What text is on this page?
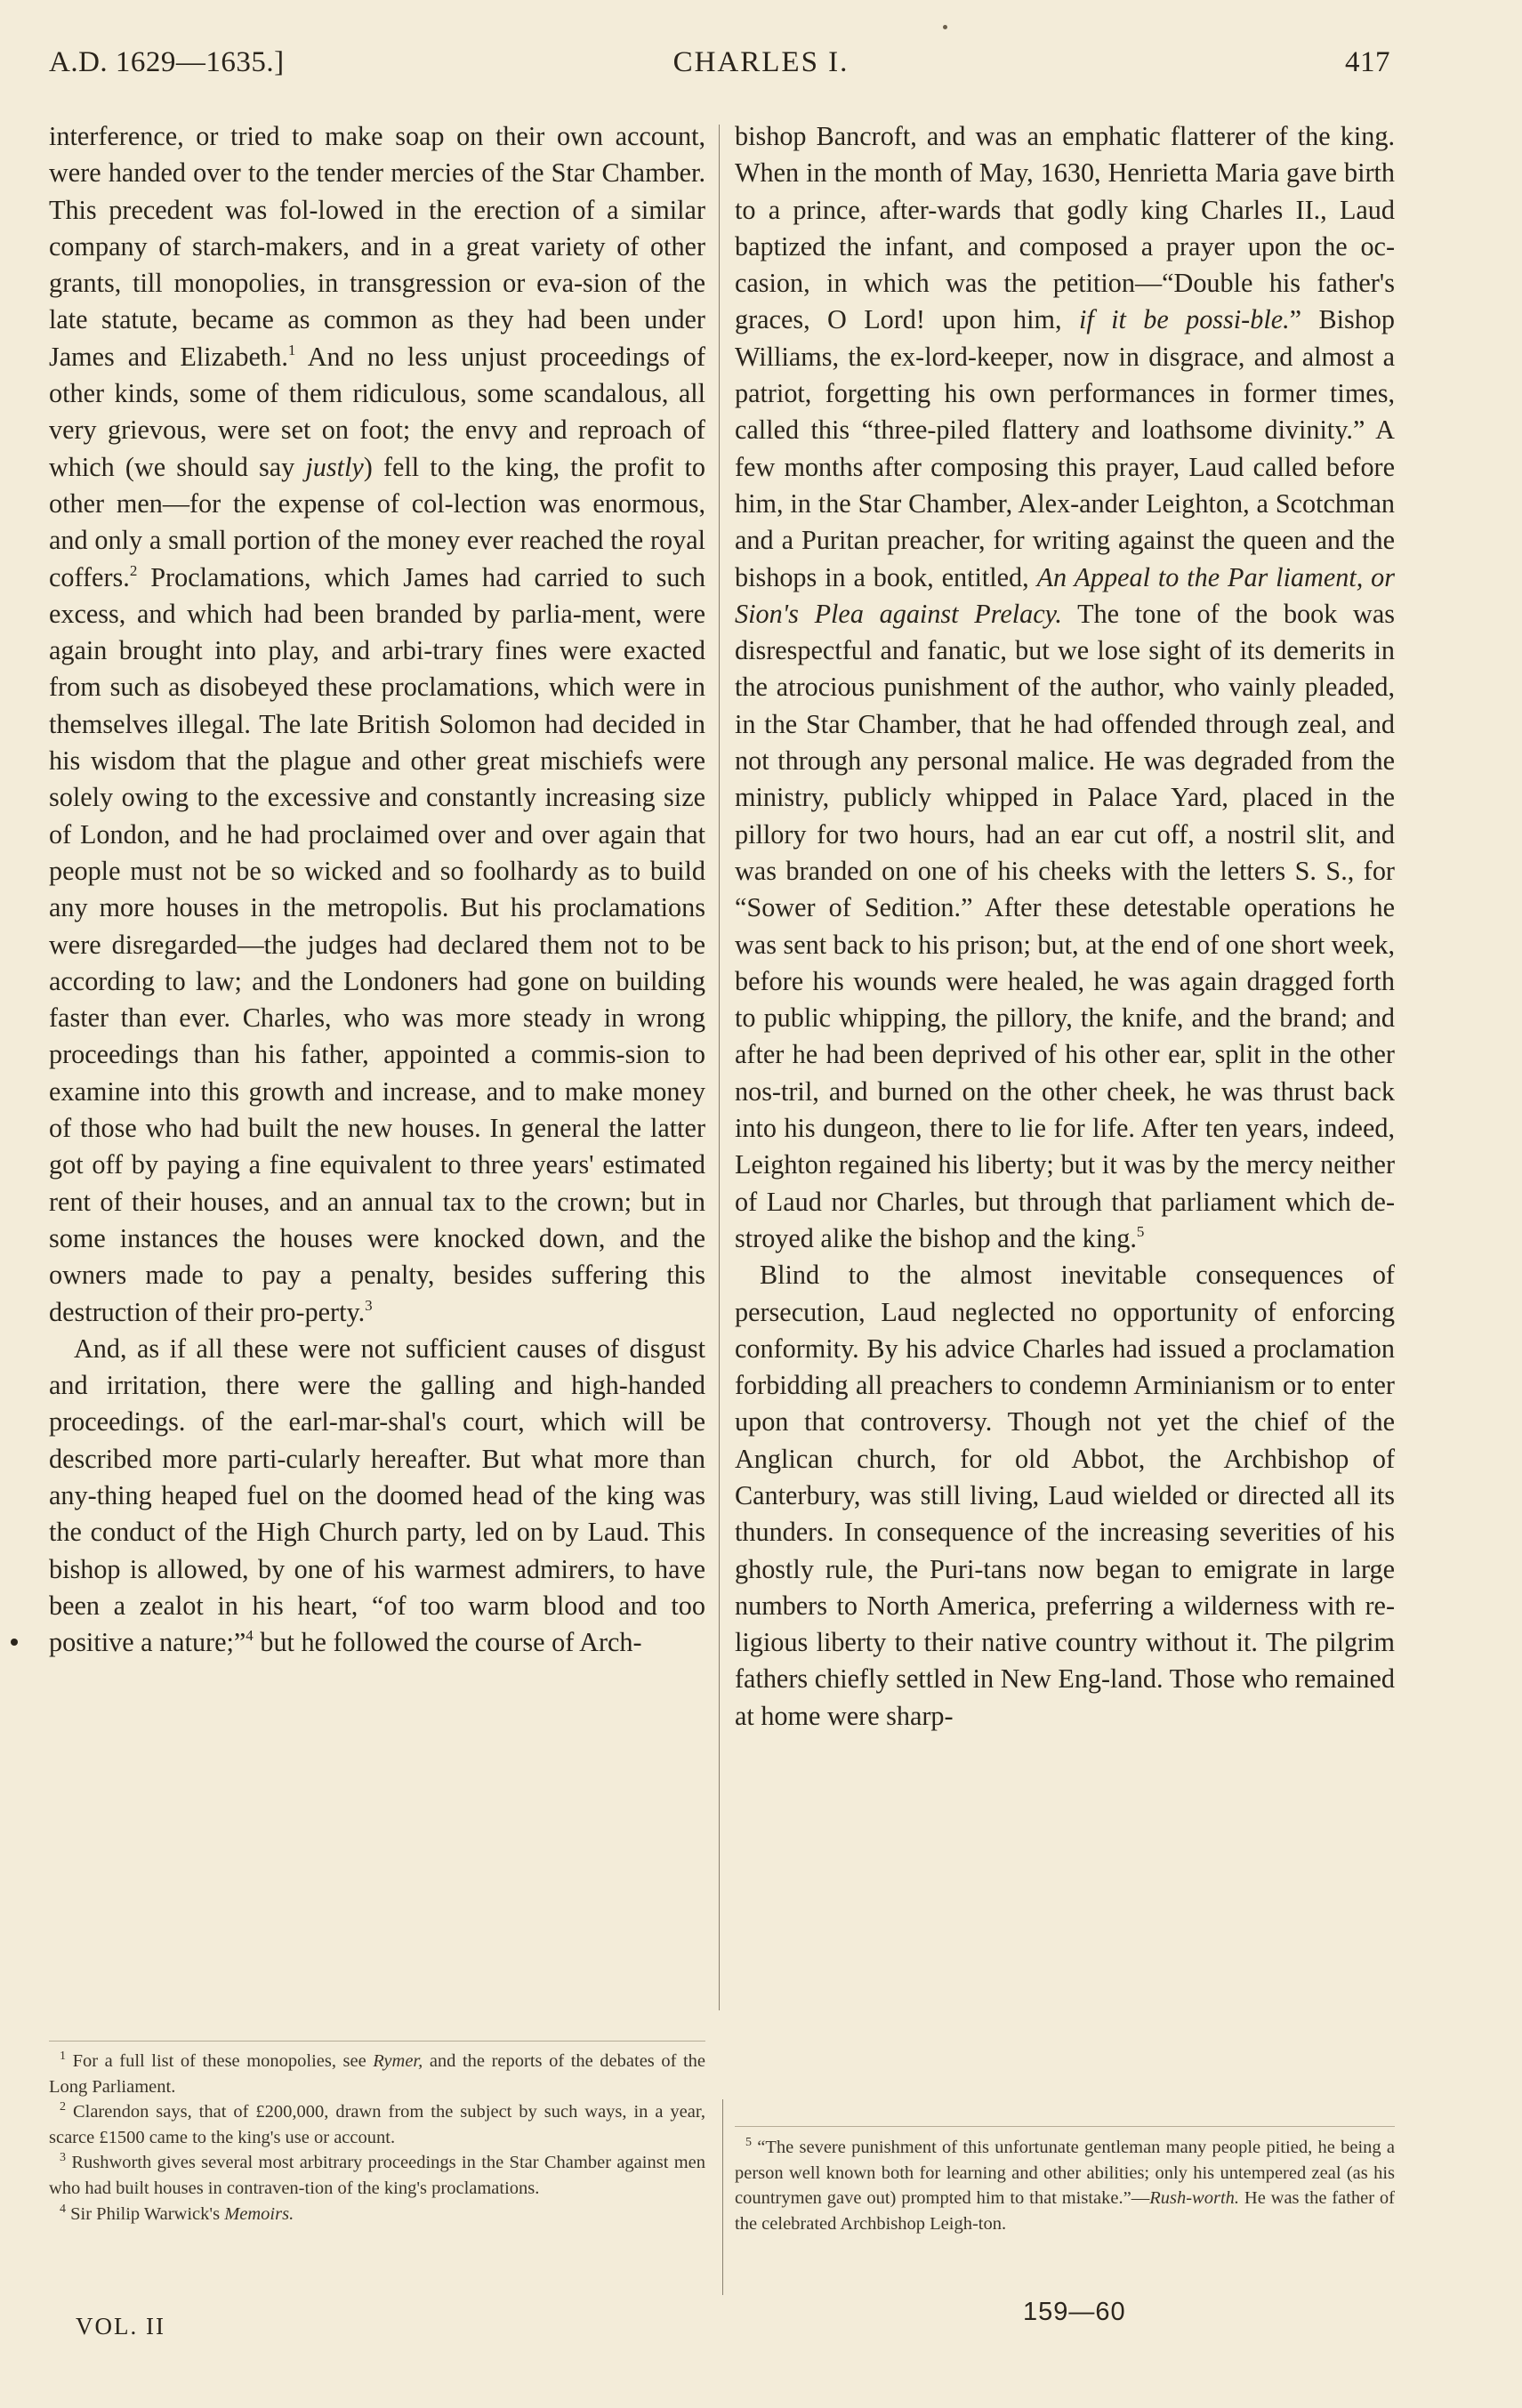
A.D. 1629—1635.]	CHARLES I.	417

interference, or tried to make soap on their own account, were handed over to the tender mercies of the Star Chamber. This precedent was fol-lowed in the erection of a similar company of starch-makers, and in a great variety of other grants, till monopolies, in transgression or eva-sion of the late statute, became as common as they had been under James and Elizabeth.$^1$ And no less unjust proceedings of other kinds, some of them ridiculous, some scandalous, all very grievous, were set on foot; the envy and reproach of which (we should say justly) fell to the king, the profit to other men—for the expense of col-lection was enormous, and only a small portion of the money ever reached the royal coffers.$^2$ Proclamations, which James had carried to such excess, and which had been branded by parlia-ment, were again brought into play, and arbi-trary fines were exacted from such as disobeyed these proclamations, which were in themselves illegal. The late British Solomon had decided in his wisdom that the plague and other great mischiefs were solely owing to the excessive and constantly increasing size of London, and he had proclaimed over and over again that people must not be so wicked and so foolhardy as to build any more houses in the metropolis. But his proclamations were disregarded—the judges had declared them not to be according to law; and the Londoners had gone on building faster than ever. Charles, who was more steady in wrong proceedings than his father, appointed a commis-sion to examine into this growth and increase, and to make money of those who had built the new houses. In general the latter got off by paying a fine equivalent to three years' estimated rent of their houses, and an annual tax to the crown; but in some instances the houses were knocked down, and the owners made to pay a penalty, besides suffering this destruction of their pro-perty.$^3$

And, as if all these were not sufficient causes of disgust and irritation, there were the galling and high-handed proceedings. of the earl-mar-shal's court, which will be described more parti-cularly hereafter. But what more than any-thing heaped fuel on the doomed head of the king was the conduct of the High Church party, led on by Laud. This bishop is allowed, by one of his warmest admirers, to have been a zealot in his heart, “of too warm blood and too positive a nature;”$^4$ but he followed the course of Arch-

bishop Bancroft, and was an emphatic flatterer of the king. When in the month of May, 1630, Henrietta Maria gave birth to a prince, after-wards that godly king Charles II., Laud baptized the infant, and composed a prayer upon the oc-casion, in which was the petition—“Double his father's graces, O Lord! upon him, if it be possi-ble.” Bishop Williams, the ex-lord-keeper, now in disgrace, and almost a patriot, forgetting his own performances in former times, called this “three-piled flattery and loathsome divinity.” A few months after composing this prayer, Laud called before him, in the Star Chamber, Alex-ander Leighton, a Scotchman and a Puritan preacher, for writing against the queen and the bishops in a book, entitled, An Appeal to the Par liament, or Sion's Plea against Prelacy. The tone of the book was disrespectful and fanatic, but we lose sight of its demerits in the atrocious punishment of the author, who vainly pleaded, in the Star Chamber, that he had offended through zeal, and not through any personal malice. He was degraded from the ministry, publicly whipped in Palace Yard, placed in the pillory for two hours, had an ear cut off, a nostril slit, and was branded on one of his cheeks with the letters S. S., for “Sower of Sedition.” After these detestable operations he was sent back to his prison; but, at the end of one short week, before his wounds were healed, he was again dragged forth to public whipping, the pillory, the knife, and the brand; and after he had been deprived of his other ear, split in the other nos-tril, and burned on the other cheek, he was thrust back into his dungeon, there to lie for life. After ten years, indeed, Leighton regained his liberty; but it was by the mercy neither of Laud nor Charles, but through that parliament which de-stroyed alike the bishop and the king.$^5$

Blind to the almost inevitable consequences of persecution, Laud neglected no opportunity of enforcing conformity. By his advice Charles had issued a proclamation forbidding all preachers to condemn Arminianism or to enter upon that controversy. Though not yet the chief of the Anglican church, for old Abbot, the Archbishop of Canterbury, was still living, Laud wielded or directed all its thunders. In consequence of the increasing severities of his ghostly rule, the Puri-tans now began to emigrate in large numbers to North America, preferring a wilderness with re-ligious liberty to their native country without it. The pilgrim fathers chiefly settled in New Eng-land. Those who remained at home were sharp-

$^1$ For a full list of these monopolies, see Rymer, and the reports of the debates of the Long Parliament.

$^2$ Clarendon says, that of £200,000, drawn from the subject by such ways, in a year, scarce £1500 came to the king's use or account.

$^3$ Rushworth gives several most arbitrary proceedings in the Star Chamber against men who had built houses in contraven-tion of the king's proclamations.

$^4$ Sir Philip Warwick's Memoirs.

$^5$ “The severe punishment of this unfortunate gentleman many people pitied, he being a person well known both for learning and other abilities; only his untempered zeal (as his countrymen gave out) prompted him to that mistake.”—Rush-worth. He was the father of the celebrated Archbishop Leigh-ton.

VOL. II	159—60
